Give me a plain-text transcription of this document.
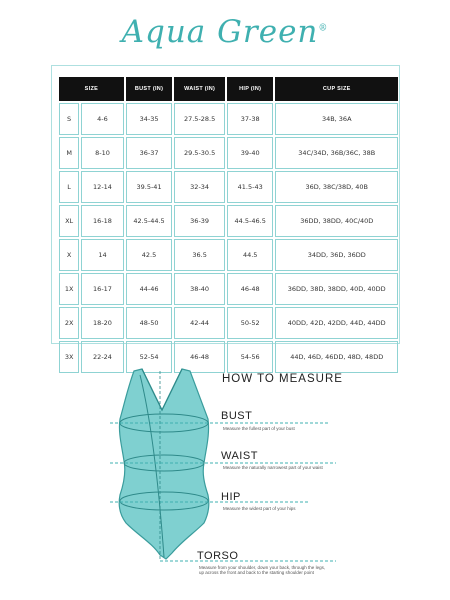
Aqua Green®
SIZE		BUST (IN)	WAIST (IN)	HIP (IN)	CUP SIZE
S	4-6	34-35	27.5-28.5	37-38	34B, 36A
M	8-10	36-37	29.5-30.5	39-40	34C/34D, 36B/36C, 38B
L	12-14	39.5-41	32-34	41.5-43	36D, 38C/38D, 40B
XL	16-18	42.5-44.5	36-39	44.5-46.5	36DD, 38DD, 40C/40D
X	14	42.5	36.5	44.5	34DD, 36D, 36DD
1X	16-17	44-46	38-40	46-48	36DD, 38D, 38DD, 40D, 40DD
2X	18-20	48-50	42-44	50-52	40DD, 42D, 42DD, 44D, 44DD
3X	22-24	52-54	46-48	54-56	44D, 46D, 46DD, 48D, 48DD
HOW TO MEASURE
BUST
Measure the fullest part of your bust
WAIST
Measure the naturally narrowest part of your waist
HIP
Measure the widest part of your hips
TORSO
Measure from your shoulder, down your back, through the legs,
up across the front and back to the starting shoulder point
